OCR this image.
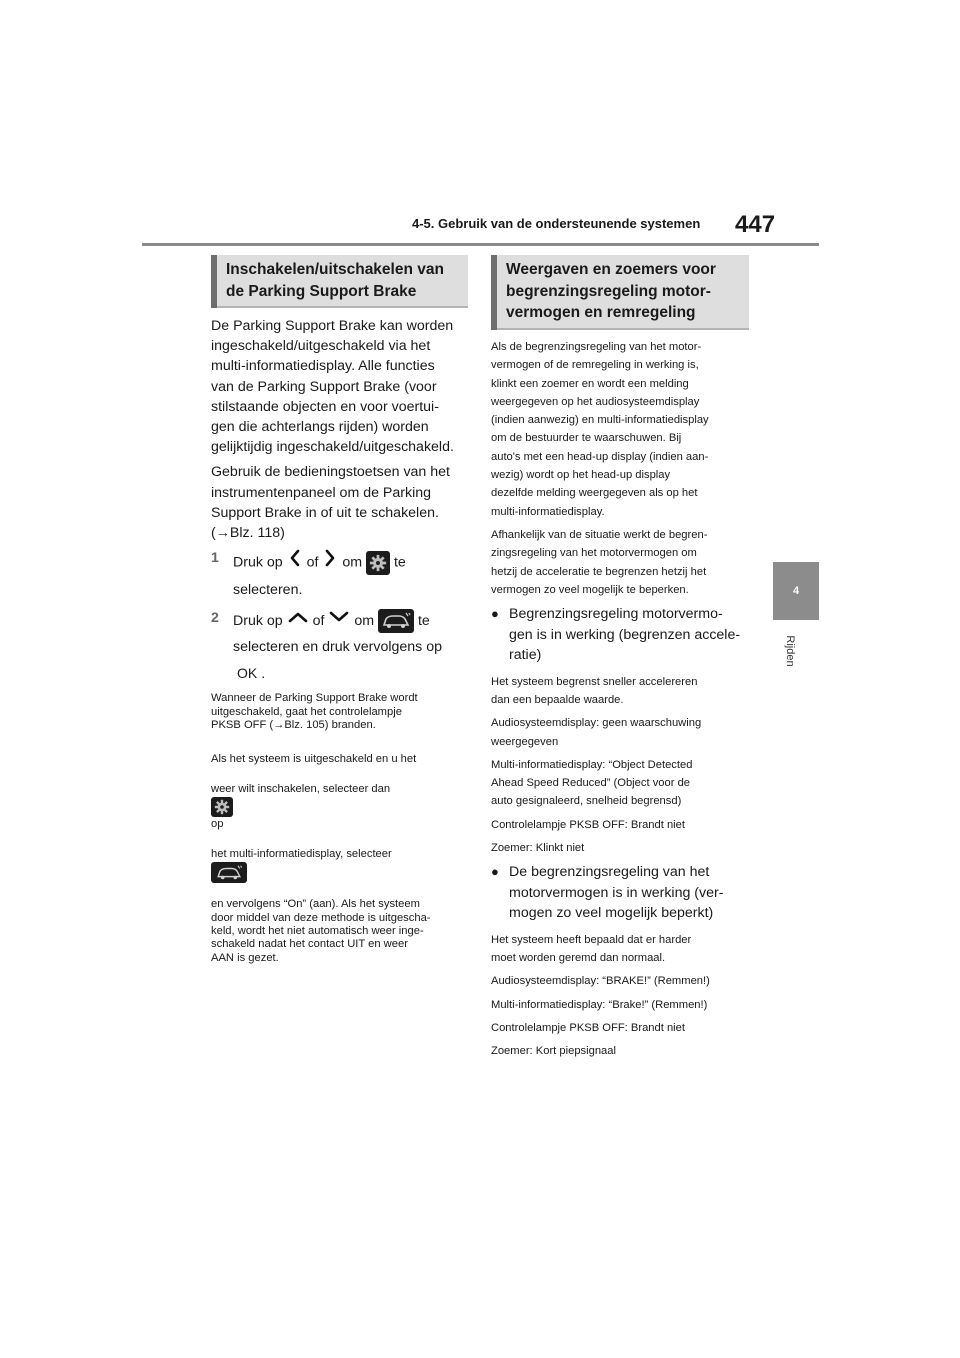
4-5. Gebruik van de ondersteunende systemen 447
4
Rijden
Inschakelen/uitschakelen van
de Parking Support Brake

De Parking Support Brake kan worden
ingeschakeld/uitgeschakeld via het
multi-informatiedisplay. Alle functies
van de Parking Support Brake (voor
stilstaande objecten en voor voertui-
gen die achterlangs rijden) worden
gelijktijdig ingeschakeld/uitgeschakeld.

Gebruik de bedieningstoetsen van het
instrumentenpaneel om de Parking
Support Brake in of uit te schakelen.
(→Blz. 118)

1 Druk op of om te
selecteren.
2 Druk op of om	te
selecteren en druk vervolgens op
OK .

Wanneer de Parking Support Brake wordt
uitgeschakeld, gaat het controlelampje
PKSB OFF (→Blz. 105) branden.

Als het systeem is uitgeschakeld en u het

weer wilt inschakelen, selecteer dan

op

het multi-informatiedisplay, selecteer

en vervolgens “On” (aan). Als het systeem
door middel van deze methode is uitgescha-
keld, wordt het niet automatisch weer inge-
schakeld nadat het contact UIT en weer
AAN is gezet.

Weergaven en zoemers voor
begrenzingsregeling motor-
vermogen en remregeling

Als de begrenzingsregeling van het motor-
vermogen of de remregeling in werking is,
klinkt een zoemer en wordt een melding
weergegeven op het audiosysteemdisplay
(indien aanwezig) en multi-informatiedisplay
om de bestuurder te waarschuwen. Bij
auto's met een head-up display (indien aan-
wezig) wordt op het head-up display
dezelfde melding weergegeven als op het
multi-informatiedisplay.

Afhankelijk van de situatie werkt de begren-
zingsregeling van het motorvermogen om
hetzij de acceleratie te begrenzen hetzij het
vermogen zo veel mogelijk te beperken.

● Begrenzingsregeling motorvermo-
gen is in werking (begrenzen accele-
ratie)

Het systeem begrenst sneller accelereren
dan een bepaalde waarde.

Audiosysteemdisplay: geen waarschuwing
weergegeven

Multi-informatiedisplay: “Object Detected
Ahead Speed Reduced” (Object voor de
auto gesignaleerd, snelheid begrensd)

Controlelampje PKSB OFF: Brandt niet

Zoemer: Klinkt niet

● De begrenzingsregeling van het
motorvermogen is in werking (ver-
mogen zo veel mogelijk beperkt)

Het systeem heeft bepaald dat er harder
moet worden geremd dan normaal.

Audiosysteemdisplay: “BRAKE!” (Remmen!)

Multi-informatiedisplay: “Brake!” (Remmen!)

Controlelampje PKSB OFF: Brandt niet

Zoemer: Kort piepsignaal
